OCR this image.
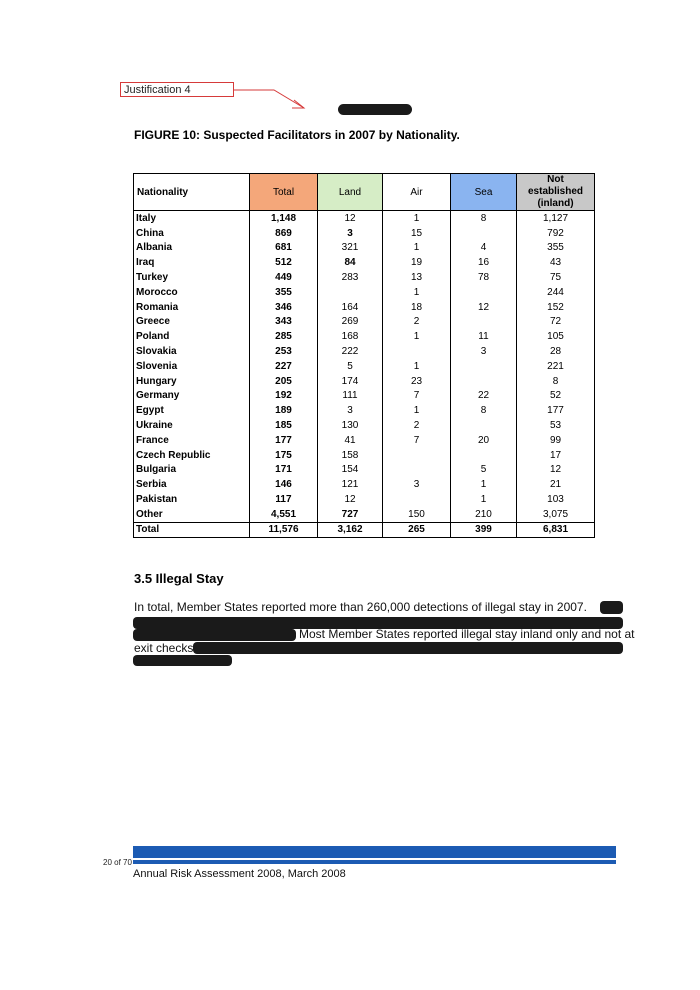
Justification 4
FIGURE 10: Suspected Facilitators in 2007 by Nationality.
Nationality	Total	Land	Air	Sea	Not established
(inland)
Italy	1,148	12	1	8	1,127
China	869	3	15		792
Albania	681	321	1	4	355
Iraq	512	84	19	16	43
Turkey	449	283	13	78	75
Morocco	355		1		244
Romania	346	164	18	12	152
Greece	343	269	2		72
Poland	285	168	1	11	105
Slovakia	253	222		3	28
Slovenia	227	5	1		221
Hungary	205	174	23		8
Germany	192	111	7	22	52
Egypt	189	3	1	8	177
Ukraine	185	130	2		53
France	177	41	7	20	99
Czech Republic	175	158			17
Bulgaria	171	154		5	12
Serbia	146	121	3	1	21
Pakistan	117	12		1	103
Other	4,551	727	150	210	3,075
Total	11,576	3,162	265	399	6,831
3.5 Illegal Stay
In total, Member States reported more than 260,000 detections of illegal stay in 2007.
Most Member States reported illegal stay inland only and not at
exit checks
20 of 70
Annual Risk Assessment 2008, March 2008
